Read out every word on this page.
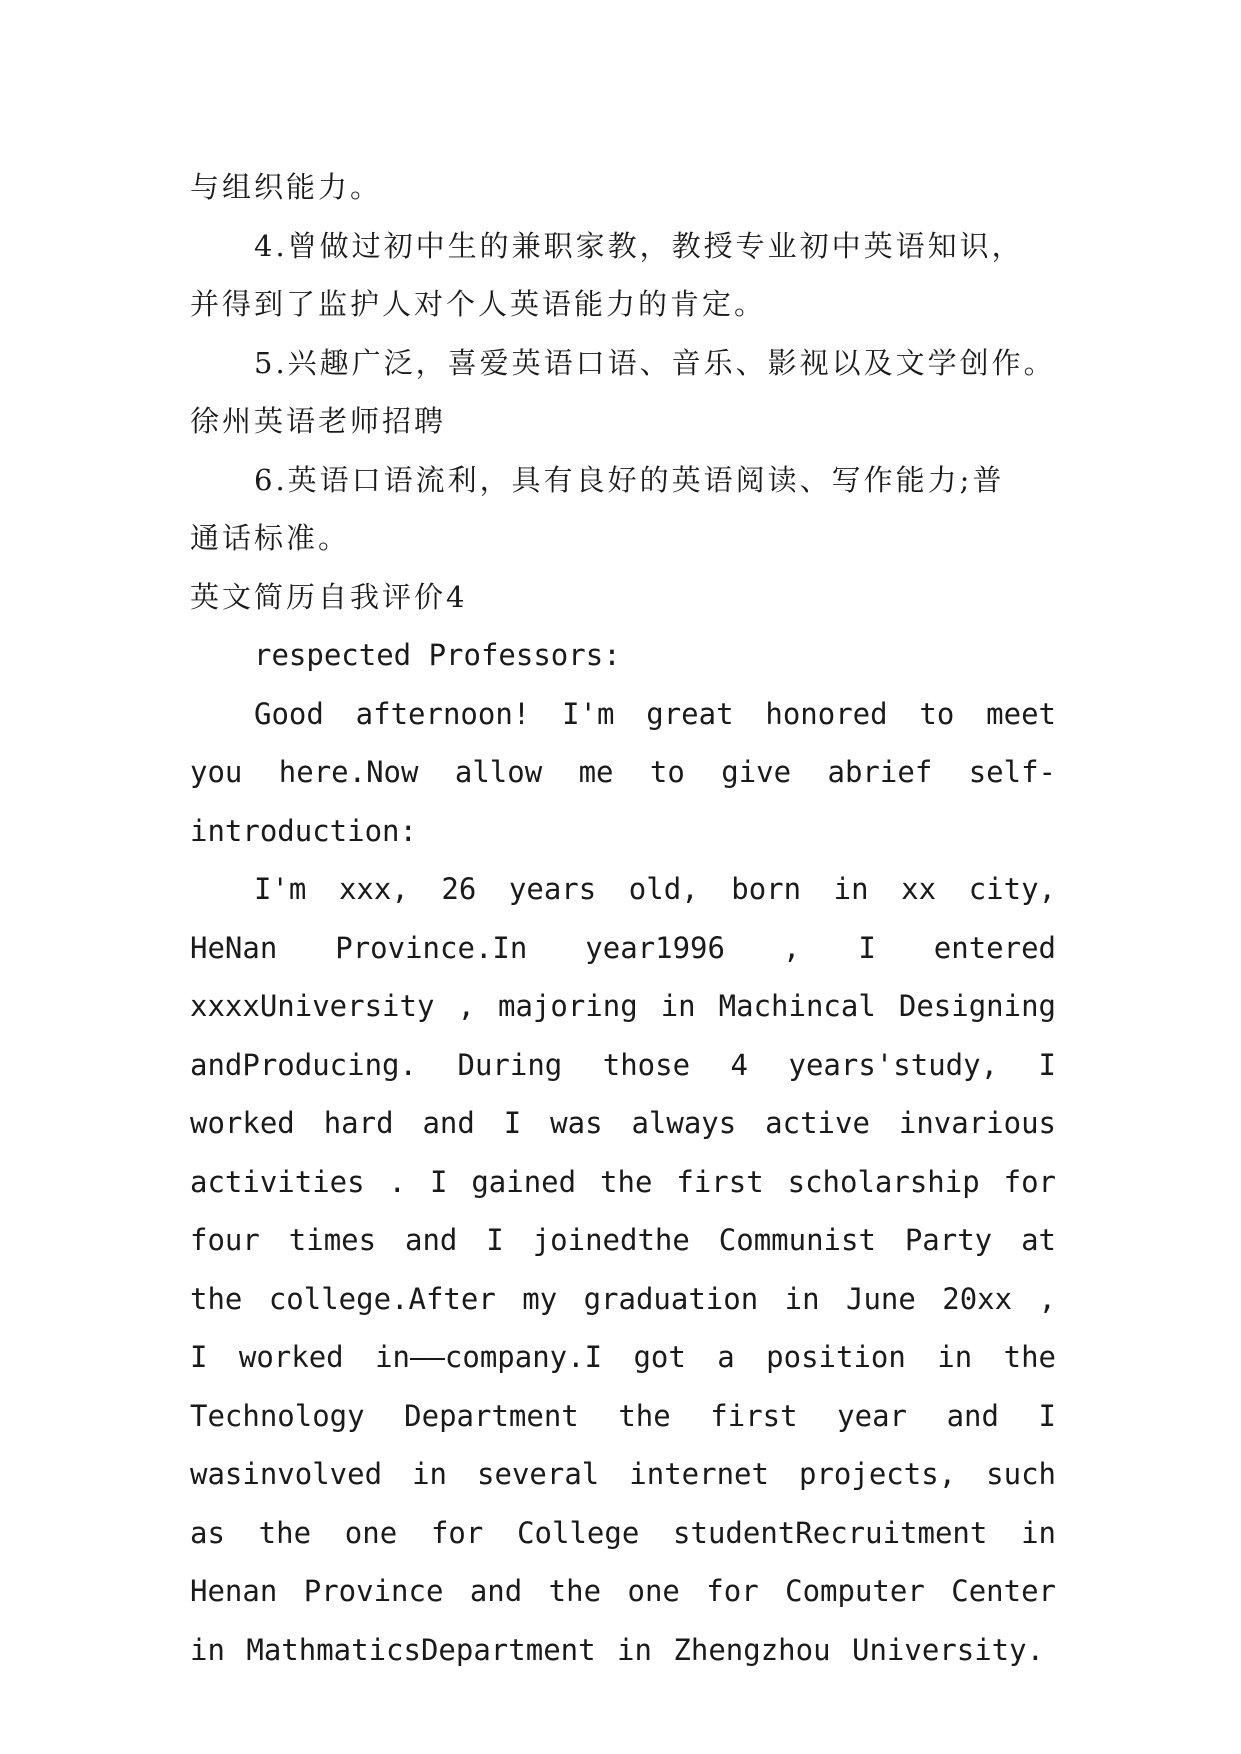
与组织能力。

4.曾做过初中生的兼职家教，教授专业初中英语知识，

并得到了监护人对个人英语能力的肯定。

5.兴趣广泛，喜爱英语口语、音乐、影视以及文学创作。

徐州英语老师招聘

6.英语口语流利，具有良好的英语阅读、写作能力;普

通话标准。

英文简历自我评价4

respected Professors:

Good afternoon! I'm great honored to meet you here.Now allow me to give abrief self-introduction:

I'm xxx, 26 years old, born in xx city, HeNan Province.In year1996 , I entered xxxxUniversity , majoring in Machincal Designing andProducing. During those 4 years'study, I worked hard and I was always active invarious activities . I gained the first scholarship for four times and I joinedthe Communist Party at the college.After my graduation in June 20xx , I worked in——company.I got a position in the Technology Department the first year and I wasinvolved in several internet projects, such as the one for College studentRecruitment in Henan Province and the one for Computer Center in MathmaticsDepartment in Zhengzhou University.
